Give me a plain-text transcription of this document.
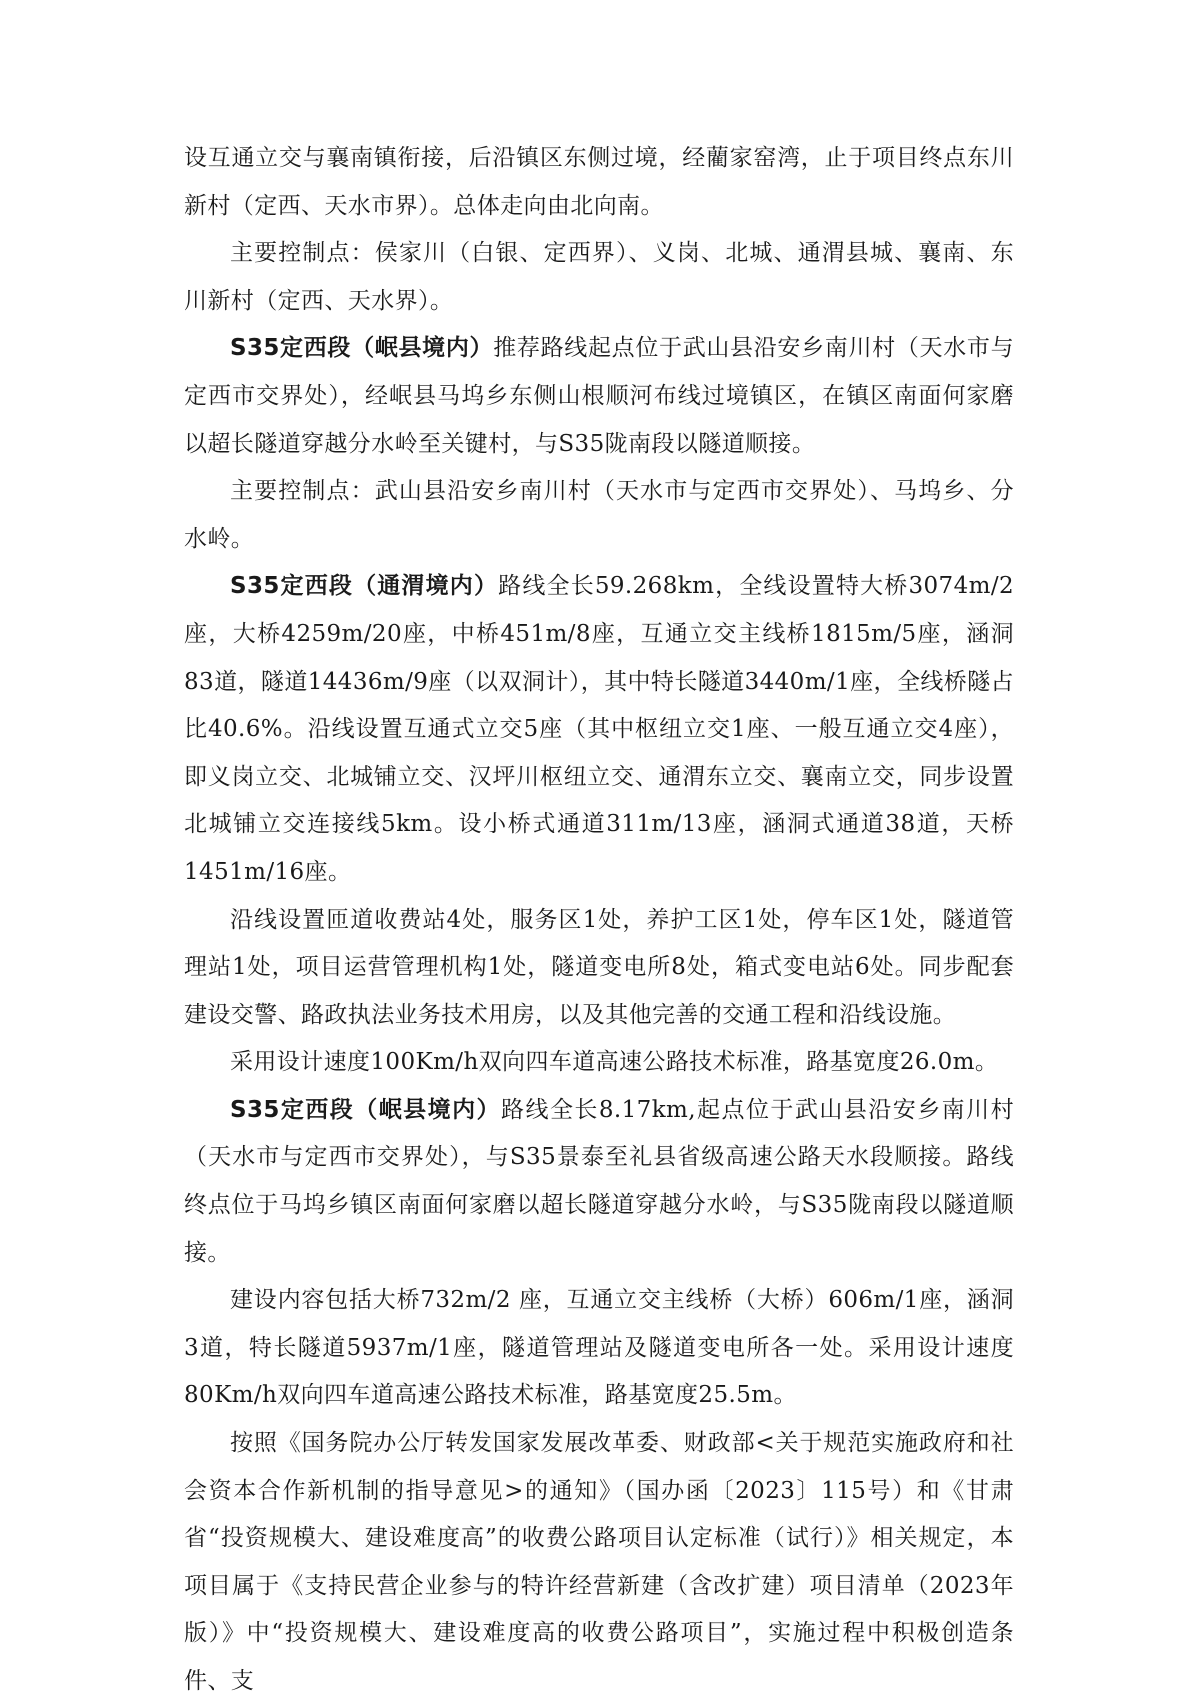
设互通立交与襄南镇衔接，后沿镇区东侧过境，经藺家窑湾，止于项目终点东川新村（定西、天水市界）。总体走向由北向南。

主要控制点：侯家川（白银、定西界）、义岗、北城、通渭县城、襄南、东川新村（定西、天水界）。

S35定西段（岷县境内）推荐路线起点位于武山县沿安乡南川村（天水市与定西市交界处），经岷县马坞乡东侧山根顺河布线过境镇区，在镇区南面何家磨以超长隧道穿越分水岭至关键村，与S35陇南段以隧道顺接。

主要控制点：武山县沿安乡南川村（天水市与定西市交界处）、马坞乡、分水岭。

S35定西段（通渭境内）路线全长59.268km，全线设置特大桥3074m/2座，大桥4259m/20座，中桥451m/8座，互通立交主线桥1815m/5座，涵洞83道，隧道14436m/9座（以双洞计），其中特长隧道3440m/1座，全线桥隧占比40.6%。沿线设置互通式立交5座（其中枢纽立交1座、一般互通立交4座），即义岗立交、北城铺立交、汉坪川枢纽立交、通渭东立交、襄南立交，同步设置北城铺立交连接线5km。设小桥式通道311m/13座，涵洞式通道38道，天桥1451m/16座。

沿线设置匝道收费站4处，服务区1处，养护工区1处，停车区1处，隧道管理站1处，项目运营管理机构1处，隧道变电所8处，箱式变电站6处。同步配套建设交警、路政执法业务技术用房，以及其他完善的交通工程和沿线设施。

采用设计速度100Km/h双向四车道高速公路技术标准，路基宽度26.0m。

S35定西段（岷县境内）路线全长8.17km,起点位于武山县沿安乡南川村（天水市与定西市交界处），与S35景泰至礼县省级高速公路天水段顺接。路线终点位于马坞乡镇区南面何家磨以超长隧道穿越分水岭，与S35陇南段以隧道顺接。

建设内容包括大桥732m/2 座，互通立交主线桥（大桥）606m/1座，涵洞3道，特长隧道5937m/1座，隧道管理站及隧道变电所各一处。采用设计速度80Km/h双向四车道高速公路技术标准，路基宽度25.5m。

按照《国务院办公厅转发国家发展改革委、财政部<关于规范实施政府和社会资本合作新机制的指导意见>的通知》（国办函〔2023〕115号）和《甘肃省“投资规模大、建设难度高”的收费公路项目认定标准（试行）》相关规定，本项目属于《支持民营企业参与的特许经营新建（含改扩建）项目清单（2023年版）》中“投资规模大、建设难度高的收费公路项目”，实施过程中积极创造条件、支
